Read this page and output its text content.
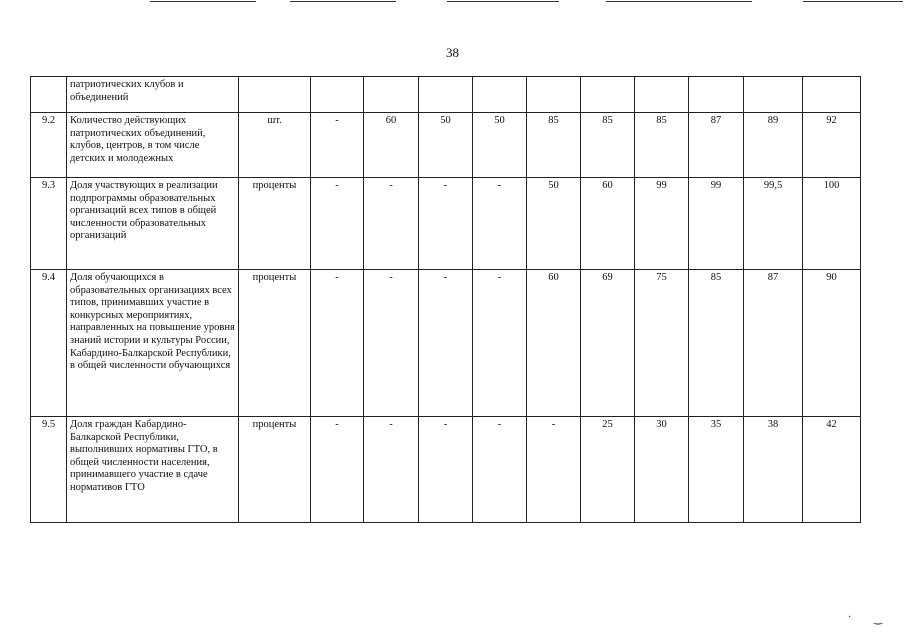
38
	патриотических клубов и объединений											
9.2	Количество действующих патриотических объединений, клубов, центров, в том числе детских и молодежных	шт.	-	60	50	50	85	85	85	87	89	92
9.3	Доля участвующих в реализации подпрограммы образовательных организаций всех типов в общей численности образовательных организаций	проценты	-	-	-	-	50	60	99	99	99,5	100
9.4	Доля обучающихся в образовательных организациях всех типов, принимавших участие в конкурсных мероприятиях, направленных на повышение уровня знаний истории и культуры России, Кабардино-Балкарской Республики, в общей численности обучающихся	проценты	-	-	-	-	60	69	75	85	87	90
9.5	Доля граждан Кабардино-Балкарской Республики, выполнивших нормативы ГТО, в общей численности населения, принимавшего участие в сдаче нормативов ГТО	проценты	-	-	-	-	-	25	30	35	38	42
· ‿
